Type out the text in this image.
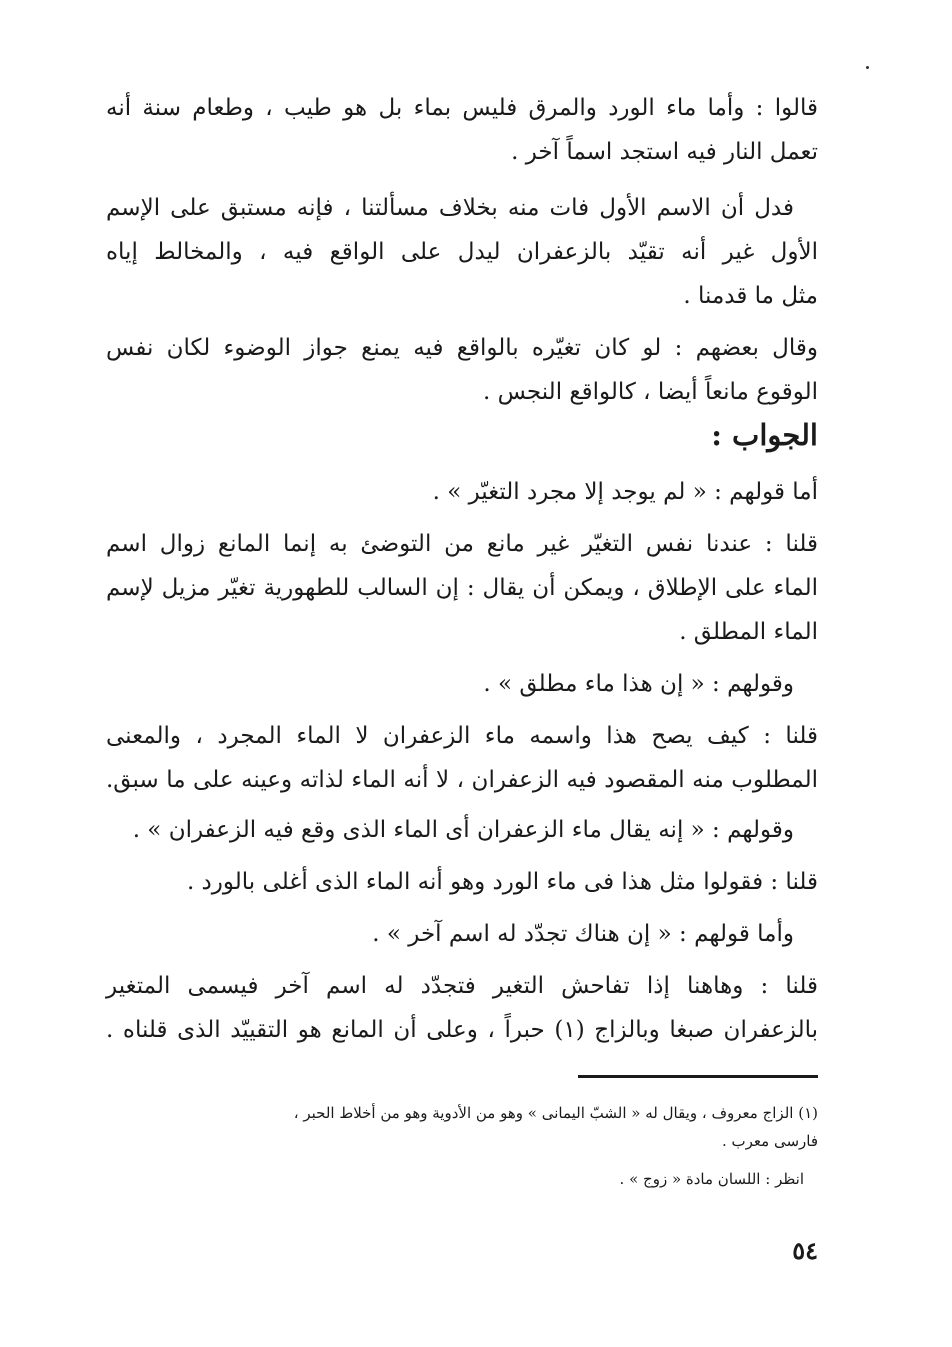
قالوا : وأما ماء الورد والمرق فليس بماء بل هو طيب ، وطعام سنة أنه
تعمل النار فيه استجد اسماً آخر .
فدل أن الاسم الأول فات منه بخلاف مسألتنا ، فإنه مستبق على الإسم
الأول غير أنه تقيّد بالزعفران ليدل على الواقع فيه ، والمخالط إياه
مثل ما قدمنا .
وقال بعضهم : لو كان تغيّره بالواقع فيه يمنع جواز الوضوء لكان نفس
الوقوع مانعاً أيضا ، كالواقع النجس .
الجواب :
أما قولهم : « لم يوجد إلا مجرد التغيّر » .
قلنا : عندنا نفس التغيّر غير مانع من التوضئ به إنما المانع زوال اسم
الماء على الإطلاق ، ويمكن أن يقال : إن السالب للطهورية تغيّر مزيل لإسم
الماء المطلق .
وقولهم : « إن هذا ماء مطلق » .
قلنا : كيف يصح هذا واسمه ماء الزعفران لا الماء المجرد ، والمعنى
المطلوب منه المقصود فيه الزعفران ، لا أنه الماء لذاته وعينه على ما سبق.
وقولهم : « إنه يقال ماء الزعفران أى الماء الذى وقع فيه الزعفران » .
قلنا : فقولوا مثل هذا فى ماء الورد وهو أنه الماء الذى أغلى بالورد .
وأما قولهم : « إن هناك تجدّد له اسم آخر » .
قلنا : وهاهنا إذا تفاحش التغير فتجدّد له اسم آخر فيسمى المتغير
بالزعفران صبغا وبالزاج (١) حبراً ، وعلى أن المانع هو التقييّد الذى قلناه .
(١) الزاج معروف ، ويقال له « الشبّ اليمانى » وهو من الأدوية وهو من أخلاط الحبر ،
فارسى معرب .
انظر : اللسان مادة « زوج » .
٥٤
